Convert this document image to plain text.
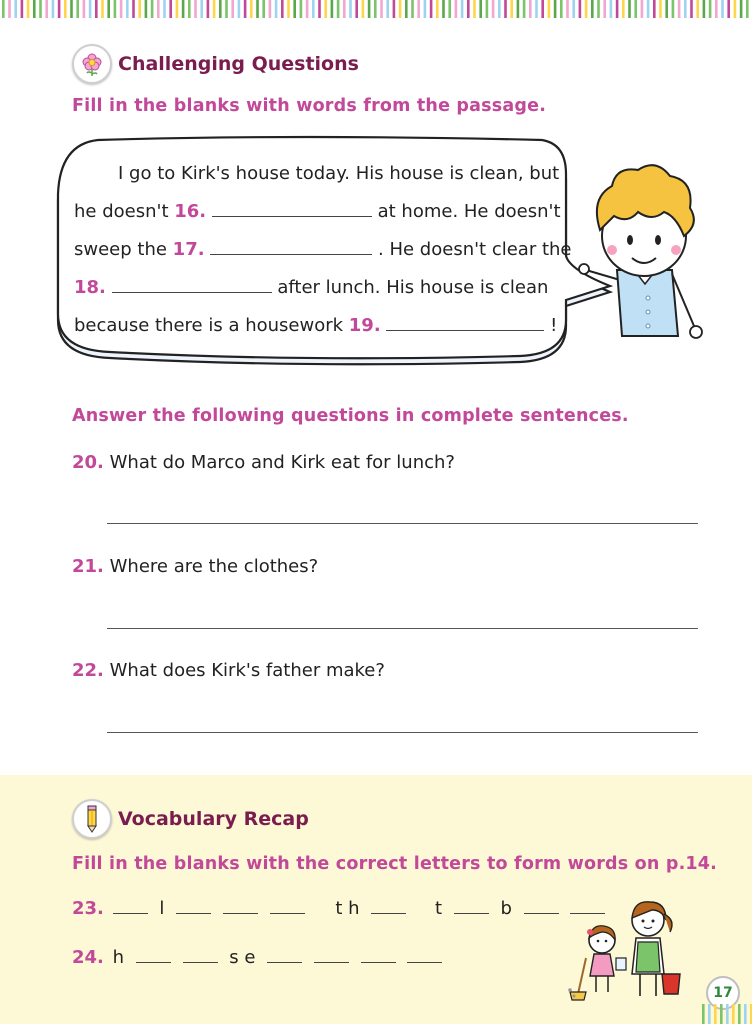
Challenging Questions
Fill in the blanks with words from the passage.
I go to Kirk's house today. His house is clean, but
he doesn't 16.	at home. He doesn't
sweep the 17.	. He doesn't clear the
18.	after lunch. His house is clean
because there is a housework 19.	!
Answer the following questions in complete sentences.
20. What do Marco and Kirk eat for lunch?
21. Where are the clothes?
22. What does Kirk's father make?
Vocabulary Recap
Fill in the blanks with the correct letters to form words on p.14.
23.	l	t h	t	b
24. h	s e
17
